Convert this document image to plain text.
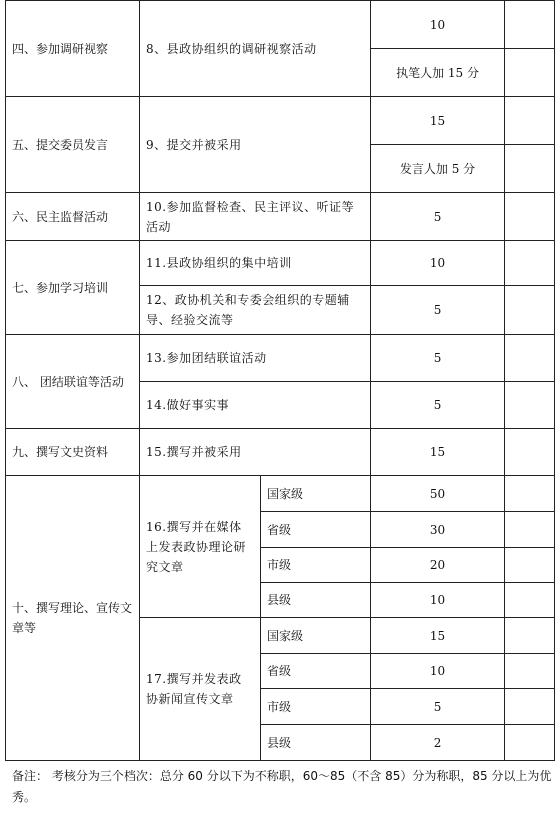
四、参加调研视察	8、县政协组织的调研视察活动		10	
			执笔人加 15 分	
五、提交委员发言	9、提交并被采用		15	
			发言人加 5 分	
六、民主监督活动	10.参加监督检查、民主评议、听证等活动		5	
七、参加学习培训	11.县政协组织的集中培训		10	
	12、政协机关和专委会组织的专题辅导、经验交流等		5	
八、 团结联谊等活动	13.参加团结联谊活动		5	
	14.做好事实事		5	
九、撰写文史资料	15.撰写并被采用		15	
十、撰写理论、宣传文章等	16.撰写并在媒体上发表政协理论研究文章	国家级	50	
		省级	30	
		市级	20	
		县级	10	
	17.撰写并发表政协新闻宣传文章	国家级	15	
		省级	10	
		市级	5	
		县级	2	
备注： 考核分为三个档次：总分 60 分以下为不称职，60～85（不含 85）分为称职，85 分以上为优秀。
